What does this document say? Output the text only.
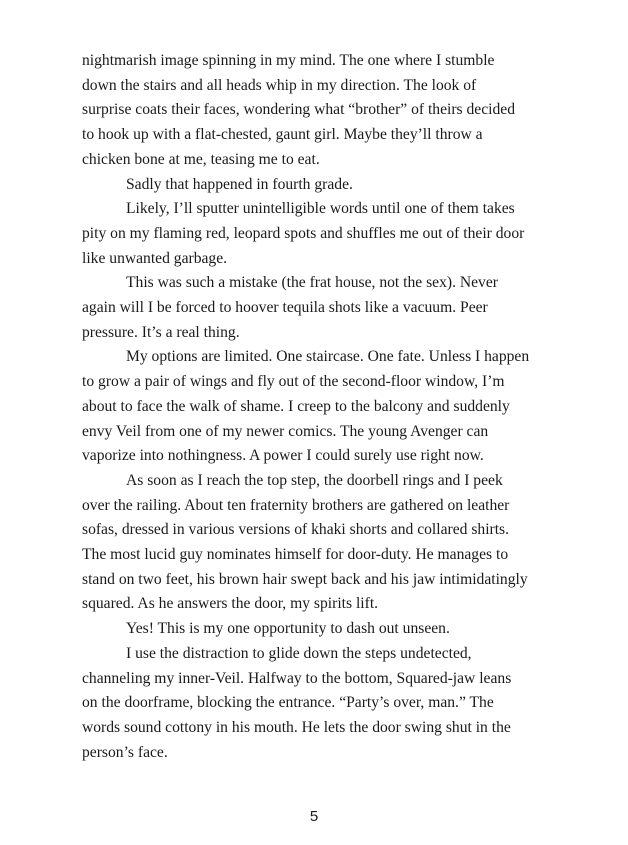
nightmarish image spinning in my mind. The one where I stumble

down the stairs and all heads whip in my direction. The look of

surprise coats their faces, wondering what “brother” of theirs decided

to hook up with a flat-chested, gaunt girl. Maybe they’ll throw a

chicken bone at me, teasing me to eat.

Sadly that happened in fourth grade.

Likely, I’ll sputter unintelligible words until one of them takes

pity on my flaming red, leopard spots and shuffles me out of their door

like unwanted garbage.

This was such a mistake (the frat house, not the sex). Never

again will I be forced to hoover tequila shots like a vacuum. Peer

pressure. It’s a real thing.

My options are limited. One staircase. One fate. Unless I happen

to grow a pair of wings and fly out of the second-floor window, I’m

about to face the walk of shame. I creep to the balcony and suddenly

envy Veil from one of my newer comics. The young Avenger can

vaporize into nothingness. A power I could surely use right now.

As soon as I reach the top step, the doorbell rings and I peek

over the railing. About ten fraternity brothers are gathered on leather

sofas, dressed in various versions of khaki shorts and collared shirts.

The most lucid guy nominates himself for door-duty. He manages to

stand on two feet, his brown hair swept back and his jaw intimidatingly

squared. As he answers the door, my spirits lift.

Yes! This is my one opportunity to dash out unseen.

I use the distraction to glide down the steps undetected,

channeling my inner-Veil. Halfway to the bottom, Squared-jaw leans

on the doorframe, blocking the entrance. “Party’s over, man.” The

words sound cottony in his mouth. He lets the door swing shut in the

person’s face.

5
